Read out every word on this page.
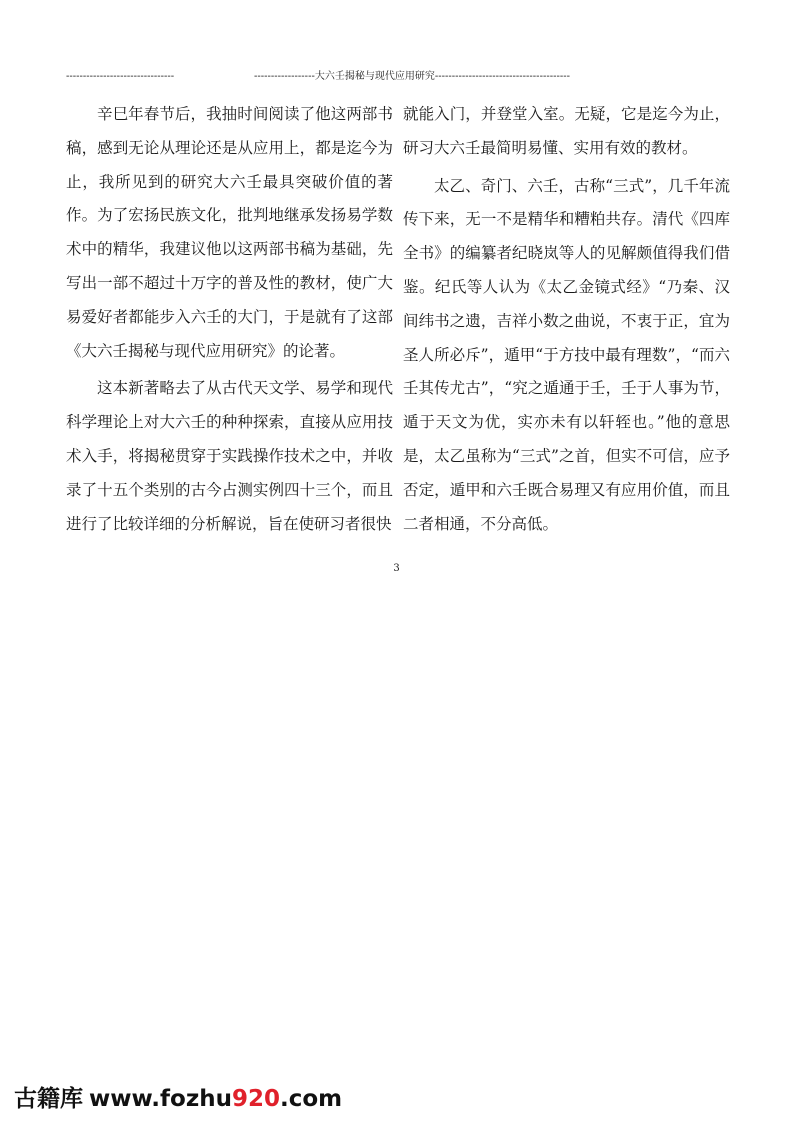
--------------------------------	------------------大六壬揭秘与现代应用研究----------------------------------------

辛巳年春节后，我抽时间阅读了他这两部书稿，感到无论从理论还是从应用上，都是迄今为止，我所见到的研究大六壬最具突破价值的著作。为了宏扬民族文化，批判地继承发扬易学数术中的精华，我建议他以这两部书稿为基础，先写出一部不超过十万字的普及性的教材，使广大易爱好者都能步入六壬的大门，于是就有了这部《大六壬揭秘与现代应用研究》的论著。

这本新著略去了从古代天文学、易学和现代科学理论上对大六壬的种种探索，直接从应用技术入手，将揭秘贯穿于实践操作技术之中，并收录了十五个类别的古今占测实例四十三个，而且进行了比较详细的分析解说，旨在使研习者很快

就能入门，并登堂入室。无疑，它是迄今为止，研习大六壬最简明易懂、实用有效的教材。

太乙、奇门、六壬，古称“三式”，几千年流传下来，无一不是精华和糟粕共存。清代《四库全书》的编纂者纪晓岚等人的见解颇值得我们借鉴。纪氏等人认为《太乙金镜式经》“乃秦、汉间纬书之遗，吉祥小数之曲说，不衷于正，宜为圣人所必斥”，遁甲“于方技中最有理数”，“而六壬其传尤古”，“究之遁通于壬，壬于人事为节，遁于天文为优，实亦未有以轩轾也。”他的意思是，太乙虽称为“三式”之首，但实不可信，应予否定，遁甲和六壬既合易理又有应用价值，而且二者相通，不分高低。

3
古籍库 www.fozhu920.com
